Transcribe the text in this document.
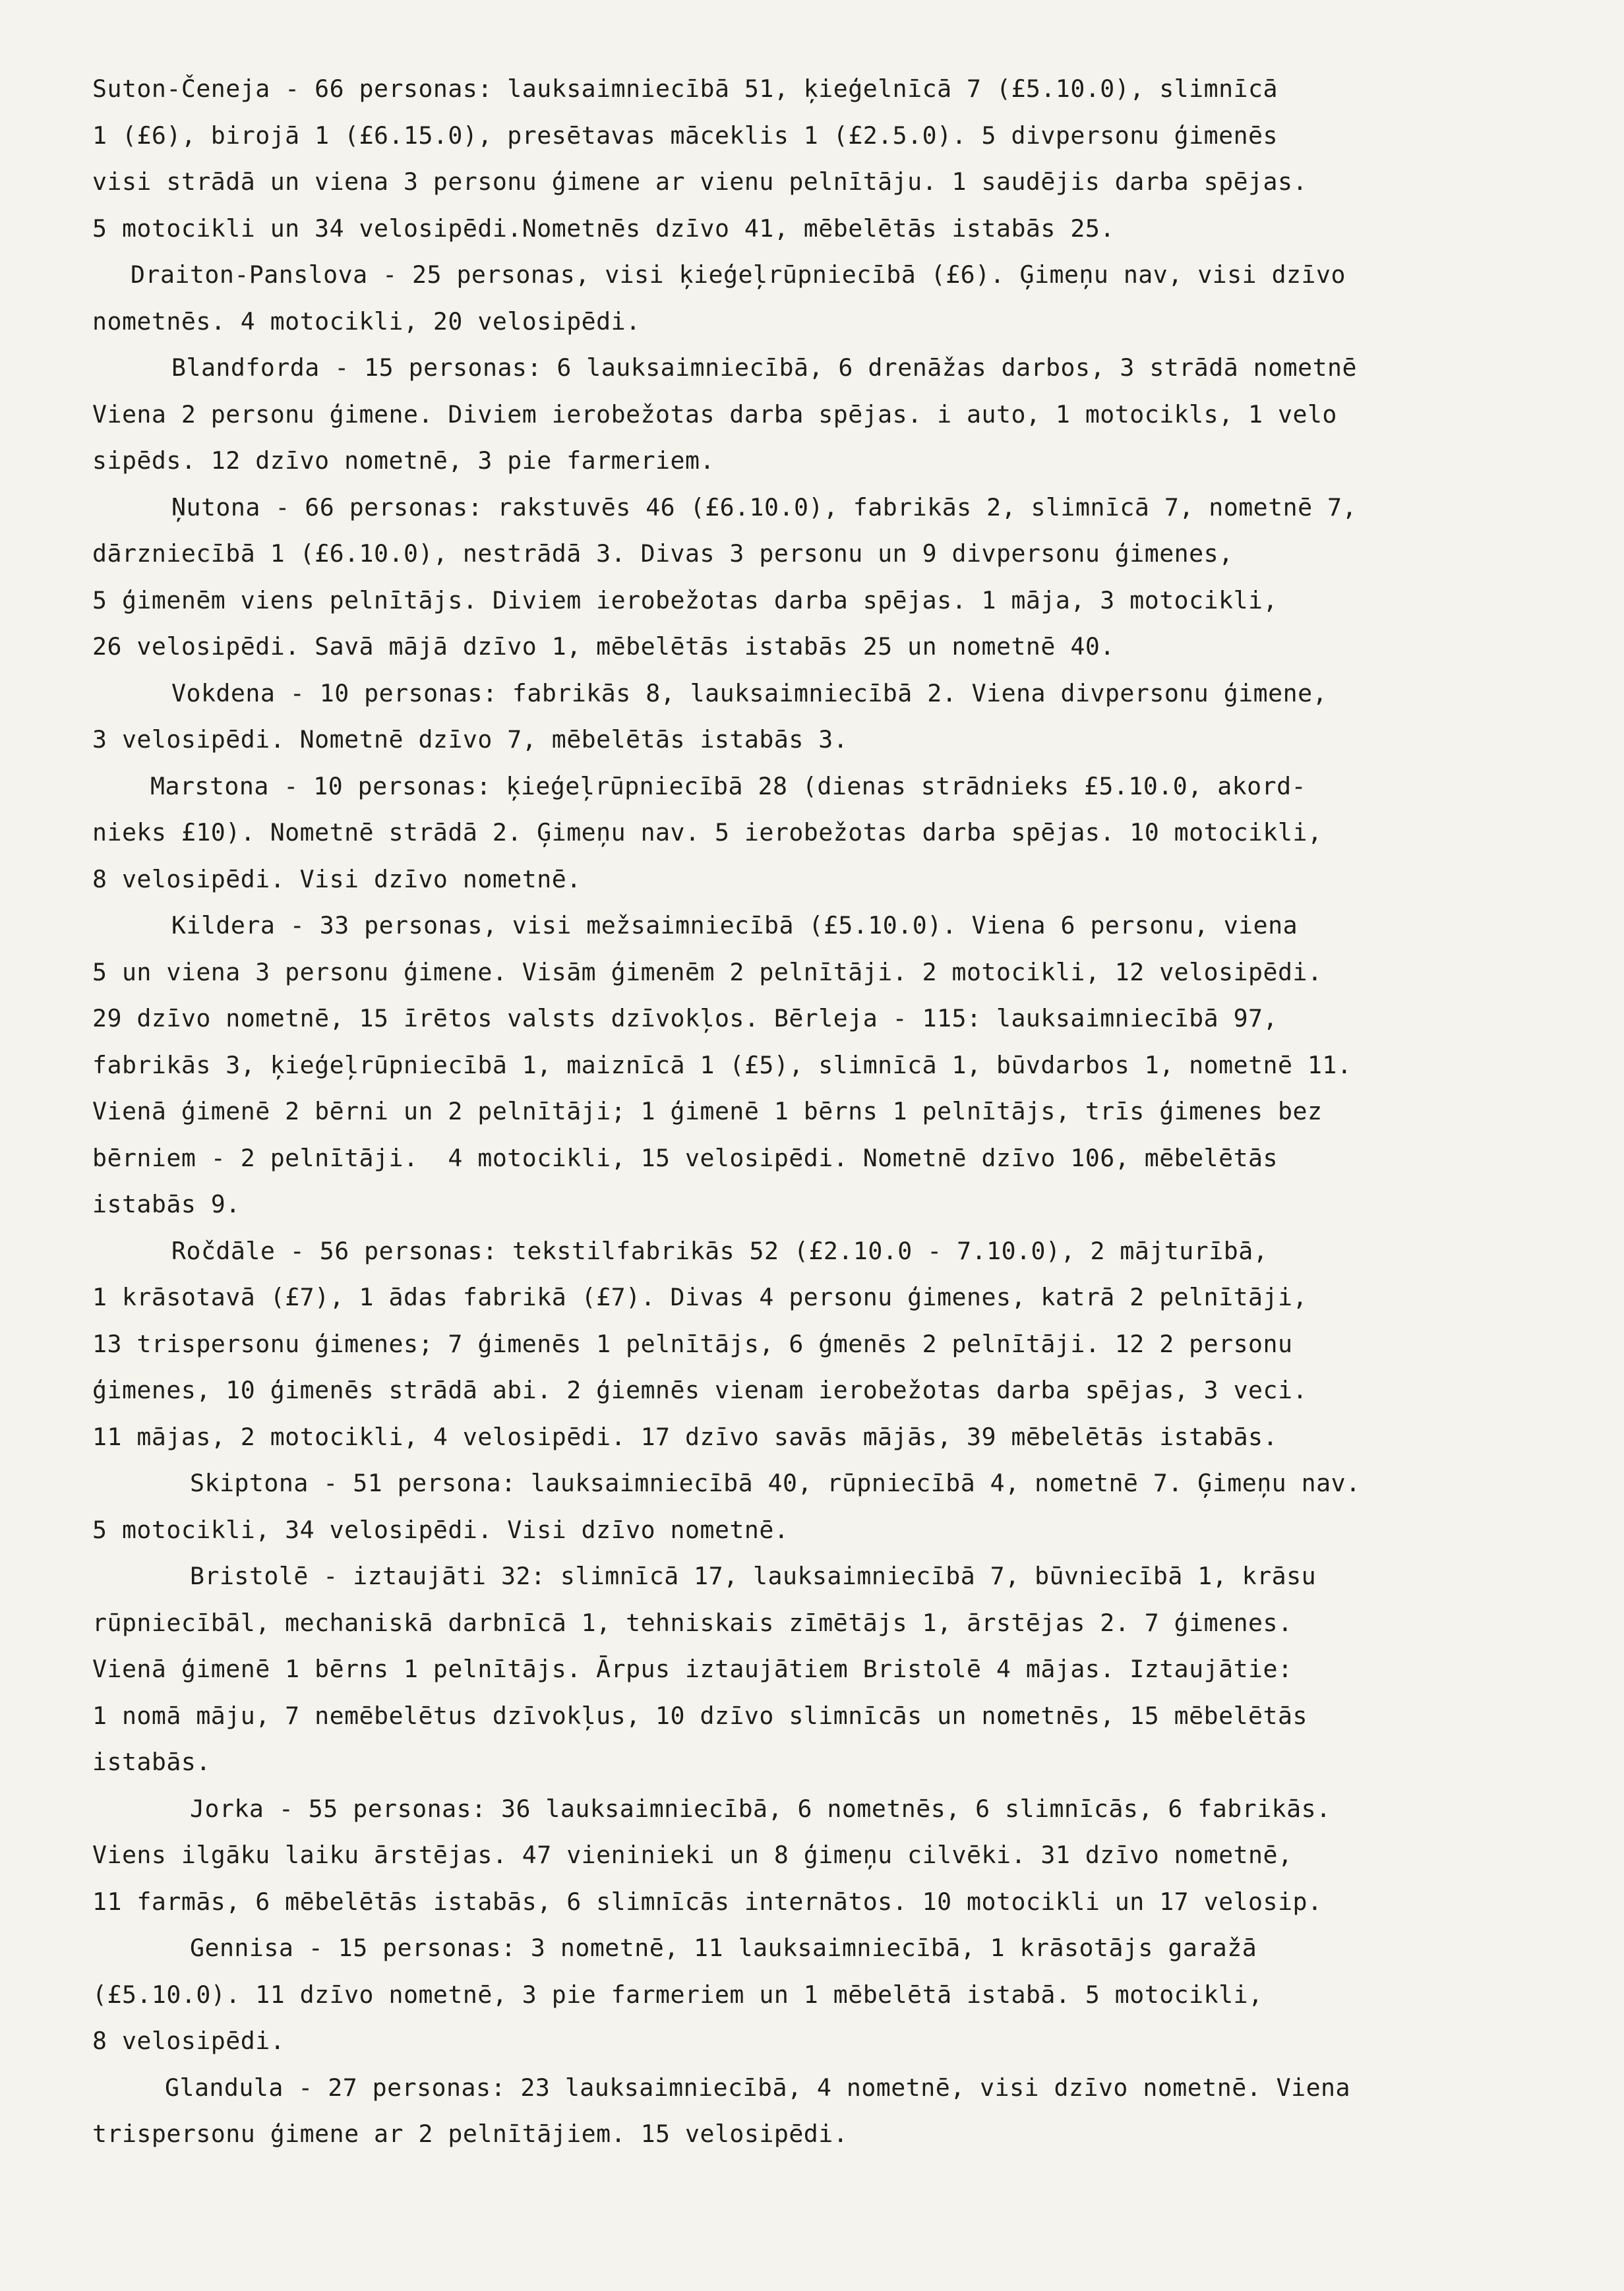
Suton-Čeneja - 66 personas: lauksaimniecībā 51, ķieģelnīcā 7 (£5.10.0), slimnīcā
1 (£6), birojā 1 (£6.15.0), presētavas māceklis 1 (£2.5.0). 5 divpersonu ģimenēs
visi strādā un viena 3 personu ģimene ar vienu pelnītāju. 1 saudējis darba spējas.
5 motocikli un 34 velosipēdi.Nometnēs dzīvo 41, mēbelētās istabās 25.
Draiton-Panslova - 25 personas, visi ķieģeļrūpniecībā (£6). Ģimeņu nav, visi dzīvo
nometnēs. 4 motocikli, 20 velosipēdi.
Blandforda - 15 personas: 6 lauksaimniecībā, 6 drenāžas darbos, 3 strādā nometnē
Viena 2 personu ģimene. Diviem ierobežotas darba spējas. i auto, 1 motocikls, 1 velo
sipēds. 12 dzīvo nometnē, 3 pie farmeriem.
Ņutona - 66 personas: rakstuvēs 46 (£6.10.0), fabrikās 2, slimnīcā 7, nometnē 7,
dārzniecībā 1 (£6.10.0), nestrādā 3. Divas 3 personu un 9 divpersonu ģimenes,
5 ģimenēm viens pelnītājs. Diviem ierobežotas darba spējas. 1 māja, 3 motocikli,
26 velosipēdi. Savā mājā dzīvo 1, mēbelētās istabās 25 un nometnē 40.
Vokdena - 10 personas: fabrikās 8, lauksaimniecībā 2. Viena divpersonu ģimene,
3 velosipēdi. Nometnē dzīvo 7, mēbelētās istabās 3.
Marstona - 10 personas: ķieģeļrūpniecībā 28 (dienas strādnieks £5.10.0, akord-
nieks £10). Nometnē strādā 2. Ģimeņu nav. 5 ierobežotas darba spējas. 10 motocikli,
8 velosipēdi. Visi dzīvo nometnē.
Kildera - 33 personas, visi mežsaimniecībā (£5.10.0). Viena 6 personu, viena
5 un viena 3 personu ģimene. Visām ģimenēm 2 pelnītāji. 2 motocikli, 12 velosipēdi.
29 dzīvo nometnē, 15 īrētos valsts dzīvokļos. Bērleja - 115: lauksaimniecībā 97,
fabrikās 3, ķieģeļrūpniecībā 1, maiznīcā 1 (£5), slimnīcā 1, būvdarbos 1, nometnē 11.
Vienā ģimenē 2 bērni un 2 pelnītāji; 1 ģimenē 1 bērns 1 pelnītājs, trīs ģimenes bez
bērniem - 2 pelnītāji.  4 motocikli, 15 velosipēdi. Nometnē dzīvo 106, mēbelētās
istabās 9.
Ročdāle - 56 personas: tekstilfabrikās 52 (£2.10.0 - 7.10.0), 2 mājturībā,
1 krāsotavā (£7), 1 ādas fabrikā (£7). Divas 4 personu ģimenes, katrā 2 pelnītāji,
13 trispersonu ģimenes; 7 ģimenēs 1 pelnītājs, 6 ģmenēs 2 pelnītāji. 12 2 personu
ģimenes, 10 ģimenēs strādā abi. 2 ģiemnēs vienam ierobežotas darba spējas, 3 veci.
11 mājas, 2 motocikli, 4 velosipēdi. 17 dzīvo savās mājās, 39 mēbelētās istabās.
Skiptona - 51 persona: lauksaimniecībā 40, rūpniecībā 4, nometnē 7. Ģimeņu nav.
5 motocikli, 34 velosipēdi. Visi dzīvo nometnē.
Bristolē - iztaujāti 32: slimnīcā 17, lauksaimniecībā 7, būvniecībā 1, krāsu
rūpniecībāl, mechaniskā darbnīcā 1, tehniskais zīmētājs 1, ārstējas 2. 7 ģimenes.
Vienā ģimenē 1 bērns 1 pelnītājs. Ārpus iztaujātiem Bristolē 4 mājas. Iztaujātie:
1 nomā māju, 7 nemēbelētus dzīvokļus, 10 dzīvo slimnīcās un nometnēs, 15 mēbelētās
istabās.
Jorka - 55 personas: 36 lauksaimniecībā, 6 nometnēs, 6 slimnīcās, 6 fabrikās.
Viens ilgāku laiku ārstējas. 47 vieninieki un 8 ģimeņu cilvēki. 31 dzīvo nometnē,
11 farmās, 6 mēbelētās istabās, 6 slimnīcās internātos. 10 motocikli un 17 velosip.
Gennisa - 15 personas: 3 nometnē, 11 lauksaimniecībā, 1 krāsotājs garažā
(£5.10.0). 11 dzīvo nometnē, 3 pie farmeriem un 1 mēbelētā istabā. 5 motocikli,
8 velosipēdi.
Glandula - 27 personas: 23 lauksaimniecībā, 4 nometnē, visi dzīvo nometnē. Viena
trispersonu ģimene ar 2 pelnītājiem. 15 velosipēdi.
